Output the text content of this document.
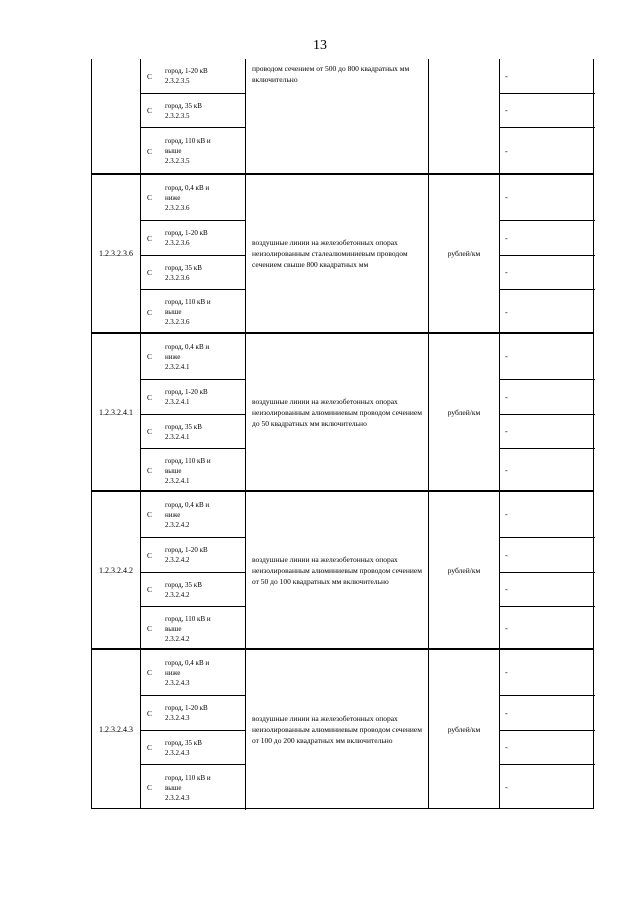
13
проводом сечением от 500 до 800 квадратных мм включительно
С
город, 1-20 кВ
2.3.2.3.5
-
С
город, 35 кВ
2.3.2.3.5
-
С
город, 110 кВ и
выше
2.3.2.3.5
-
1.2.3.2.3.6
воздушные линии на железобетонных опорах неизолированным сталеалюминиевым проводом сечением свыше 800 квадратных мм
рублей/км
С
город, 0,4 кВ и
ниже
2.3.2.3.6
-
С
город, 1-20 кВ
2.3.2.3.6
-
С
город, 35 кВ
2.3.2.3.6
-
С
город, 110 кВ и
выше
2.3.2.3.6
-
1.2.3.2.4.1
воздушные линии на железобетонных опорах неизолированным алюминиевым проводом сечением до 50 квадратных мм включительно
рублей/км
С
город, 0,4 кВ и
ниже
2.3.2.4.1
-
С
город, 1-20 кВ
2.3.2.4.1
-
С
город, 35 кВ
2.3.2.4.1
-
С
город, 110 кВ и
выше
2.3.2.4.1
-
1.2.3.2.4.2
воздушные линии на железобетонных опорах неизолированным алюминиевым проводом сечением от 50 до 100 квадратных мм включительно
рублей/км
С
город, 0,4 кВ и
ниже
2.3.2.4.2
-
С
город, 1-20 кВ
2.3.2.4.2
-
С
город, 35 кВ
2.3.2.4.2
-
С
город, 110 кВ и
выше
2.3.2.4.2
-
1.2.3.2.4.3
воздушные линии на железобетонных опорах неизолированным алюминиевым проводом сечением от 100 до 200 квадратных мм включительно
рублей/км
С
город, 0,4 кВ и
ниже
2.3.2.4.3
-
С
город, 1-20 кВ
2.3.2.4.3
-
С
город, 35 кВ
2.3.2.4.3
-
С
город, 110 кВ и
выше
2.3.2.4.3
-
